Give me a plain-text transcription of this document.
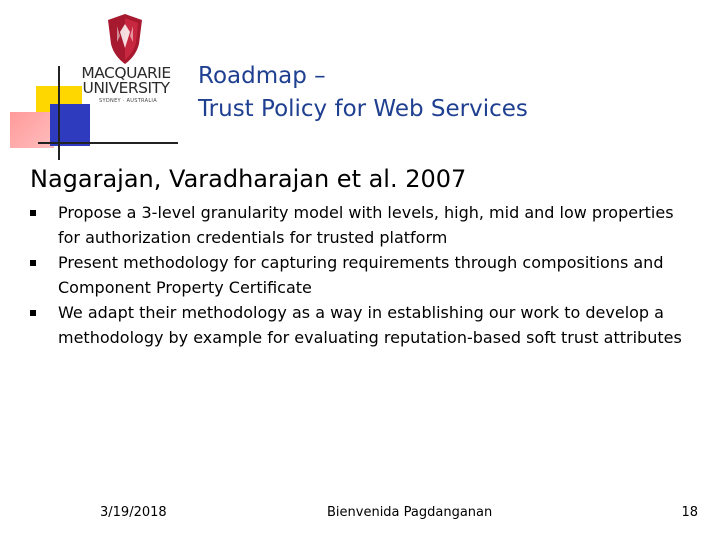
MACQUARIE
UNIVERSITY
SYDNEY · AUSTRALIA
Roadmap –
Trust Policy for Web Services
Nagarajan, Varadharajan et al. 2007
Propose a 3-level granularity model with levels, high, mid and low properties for authorization credentials for trusted platform
Present methodology for capturing requirements through compositions and Component Property Certificate
We adapt their methodology as a way in establishing our work to develop a methodology by example for evaluating reputation-based soft trust attributes
3/19/2018	Bienvenida Pagdanganan	18
